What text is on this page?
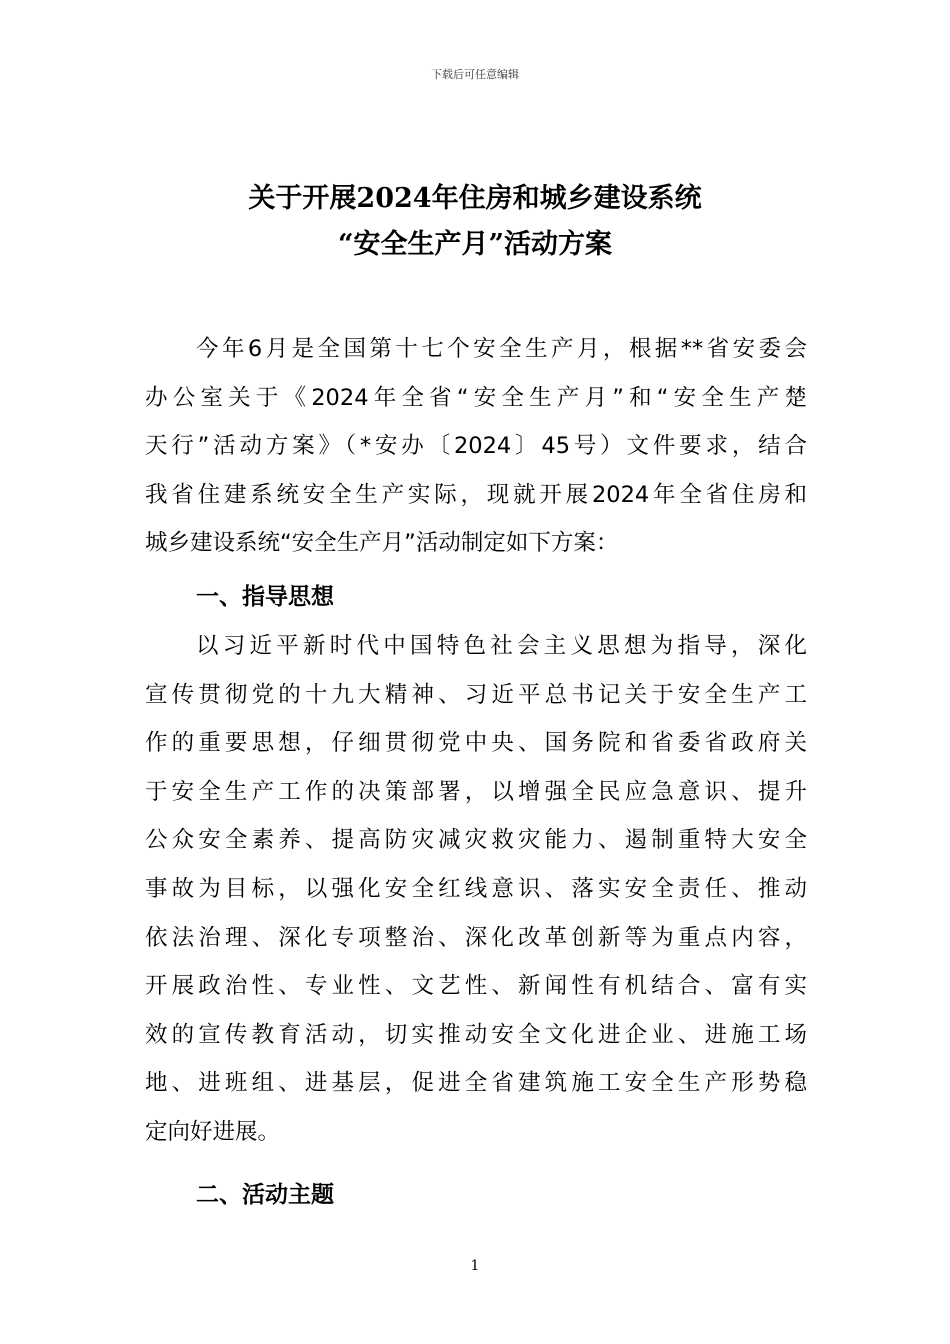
下载后可任意编辑
关于开展2024年住房和城乡建设系统
“安全生产月”活动方案
今年6月是全国第十七个安全生产月，根据**省安委会
办公室关于《2024年全省“安全生产月”和“安全生产楚
天行”活动方案》（*安办〔2024〕45号）文件要求，结合
我省住建系统安全生产实际，现就开展2024年全省住房和
城乡建设系统“安全生产月”活动制定如下方案：
一、指导思想
以习近平新时代中国特色社会主义思想为指导，深化
宣传贯彻党的十九大精神、习近平总书记关于安全生产工
作的重要思想，仔细贯彻党中央、国务院和省委省政府关
于安全生产工作的决策部署，以增强全民应急意识、提升
公众安全素养、提高防灾减灾救灾能力、遏制重特大安全
事故为目标，以强化安全红线意识、落实安全责任、推动
依法治理、深化专项整治、深化改革创新等为重点内容，
开展政治性、专业性、文艺性、新闻性有机结合、富有实
效的宣传教育活动，切实推动安全文化进企业、进施工场
地、进班组、进基层，促进全省建筑施工安全生产形势稳
定向好进展。
二、活动主题
1
